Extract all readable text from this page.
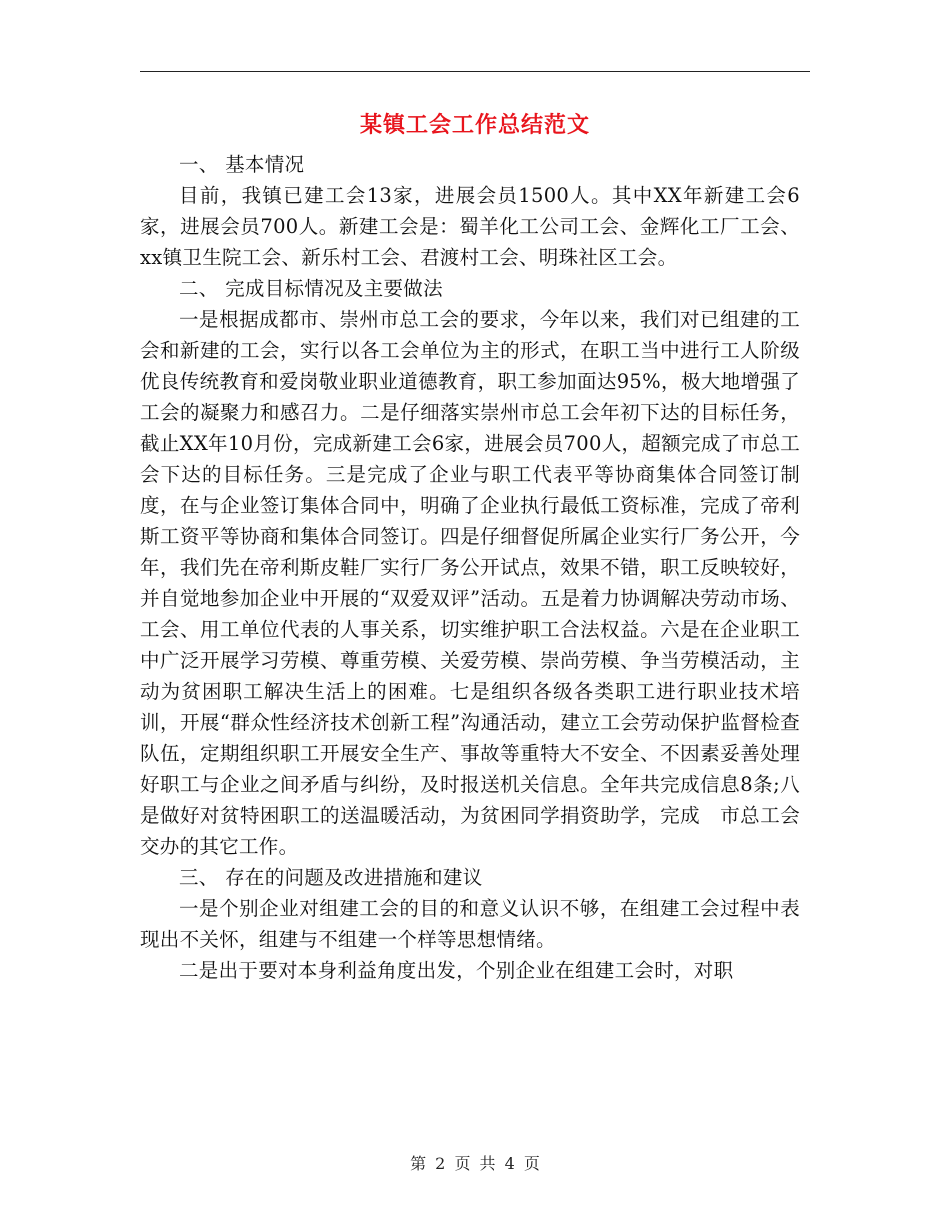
某镇工会工作总结范文

一、 基本情况

目前，我镇已建工会13家，进展会员1500人。其中XX年新建工会6 家，进展会员700人。新建工会是：蜀羊化工公司工会、金辉化工厂工会、xx镇卫生院工会、新乐村工会、君渡村工会、明珠社区工会。

二、 完成目标情况及主要做法

一是根据成都市、崇州市总工会的要求，今年以来，我们对已组建的工会和新建的工会，实行以各工会单位为主的形式，在职工当中进行工人阶级优良传统教育和爱岗敬业职业道德教育，职工参加面达95%，极大地增强了工会的凝聚力和感召力。二是仔细落实崇州市总工会年初下达的目标任务，截止XX年10月份，完成新建工会6家，进展会员700人，超额完成了市总工会下达的目标任务。三是完成了企业与职工代表平等协商集体合同签订制度，在与企业签订集体合同中，明确了企业执行最低工资标准，完成了帝利斯工资平等协商和集体合同签订。四是仔细督促所属企业实行厂务公开，今年，我们先在帝利斯皮鞋厂实行厂务公开试点，效果不错，职工反映较好，并自觉地参加企业中开展的“双爱双评”活动。五是着力协调解决劳动市场、工会、用工单位代表的人事关系，切实维护职工合法权益。六是在企业职工中广泛开展学习劳模、尊重劳模、关爱劳模、崇尚劳模、争当劳模活动，主动为贫困职工解决生活上的困难。七是组织各级各类职工进行职业技术培训，开展“群众性经济技术创新工程”沟通活动，建立工会劳动保护监督检查队伍，定期组织职工开展安全生产、事故等重特大不安全、不因素妥善处理好职工与企业之间矛盾与纠纷，及时报送机关信息。全年共完成信息8条;八是做好对贫特困职工的送温暖活动，为贫困同学捐资助学，完成　市总工会交办的其它工作。

三、 存在的问题及改进措施和建议

一是个别企业对组建工会的目的和意义认识不够，在组建工会过程中表现出不关怀，组建与不组建一个样等思想情绪。

二是出于要对本身利益角度出发，个别企业在组建工会时，对职

第 2 页 共 4 页
